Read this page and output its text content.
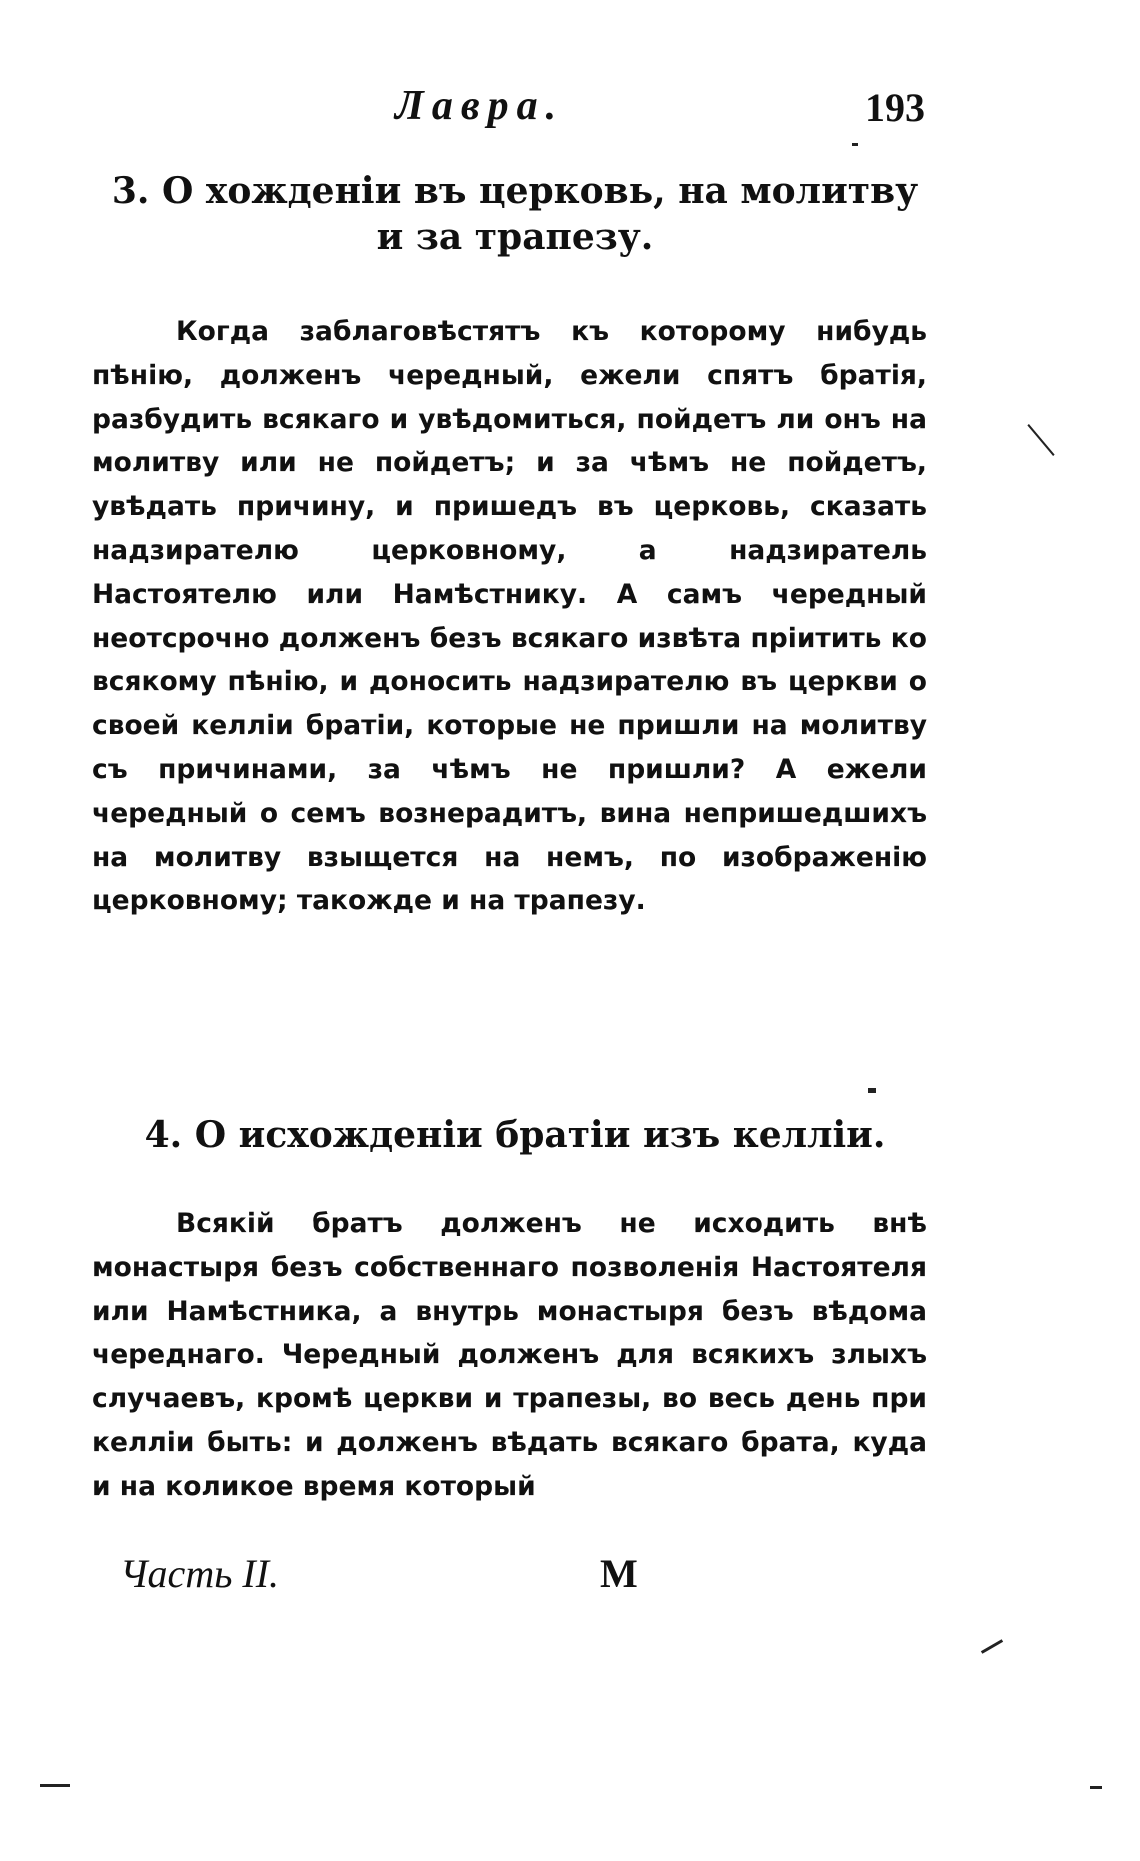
Лавра.	193
3. О хожденіи въ церковь, на молитву и за трапезу.

Когда заблаговѣстятъ къ которому нибудь пѣнію, долженъ чередный, ежели спятъ братія, разбудить всякаго и увѣдомиться, пойдетъ ли онъ на молитву или не пойдетъ; и за чѣмъ не пойдетъ, увѣдать причину, и пришедъ въ церковь, сказать надзирателю церковному, а надзиратель Настоятелю или Намѣстнику. А самъ чередный неотсрочно долженъ безъ всякаго извѣта пріитить ко всякому пѣнію, и доносить надзирателю въ церкви о своей келліи братіи, которые не пришли на молитву съ причинами, за чѣмъ не пришли? А ежели чередный о семъ вознерадитъ, вина непришедшихъ на молитву взыщется на немъ, по изображенію церковному; такожде и на трапезу.

4. О исхожденіи братіи изъ келліи.

Всякій братъ долженъ не исходить внѣ монастыря безъ собственнаго позволенія Настоятеля или Намѣстника, а внутрь монастыря безъ вѣдома череднаго. Чередный долженъ для всякихъ злыхъ случаевъ, кромѣ церкви и трапезы, во весь день при келліи быть: и долженъ вѣдать всякаго брата, куда и на коликое время который

Часть II.	М
